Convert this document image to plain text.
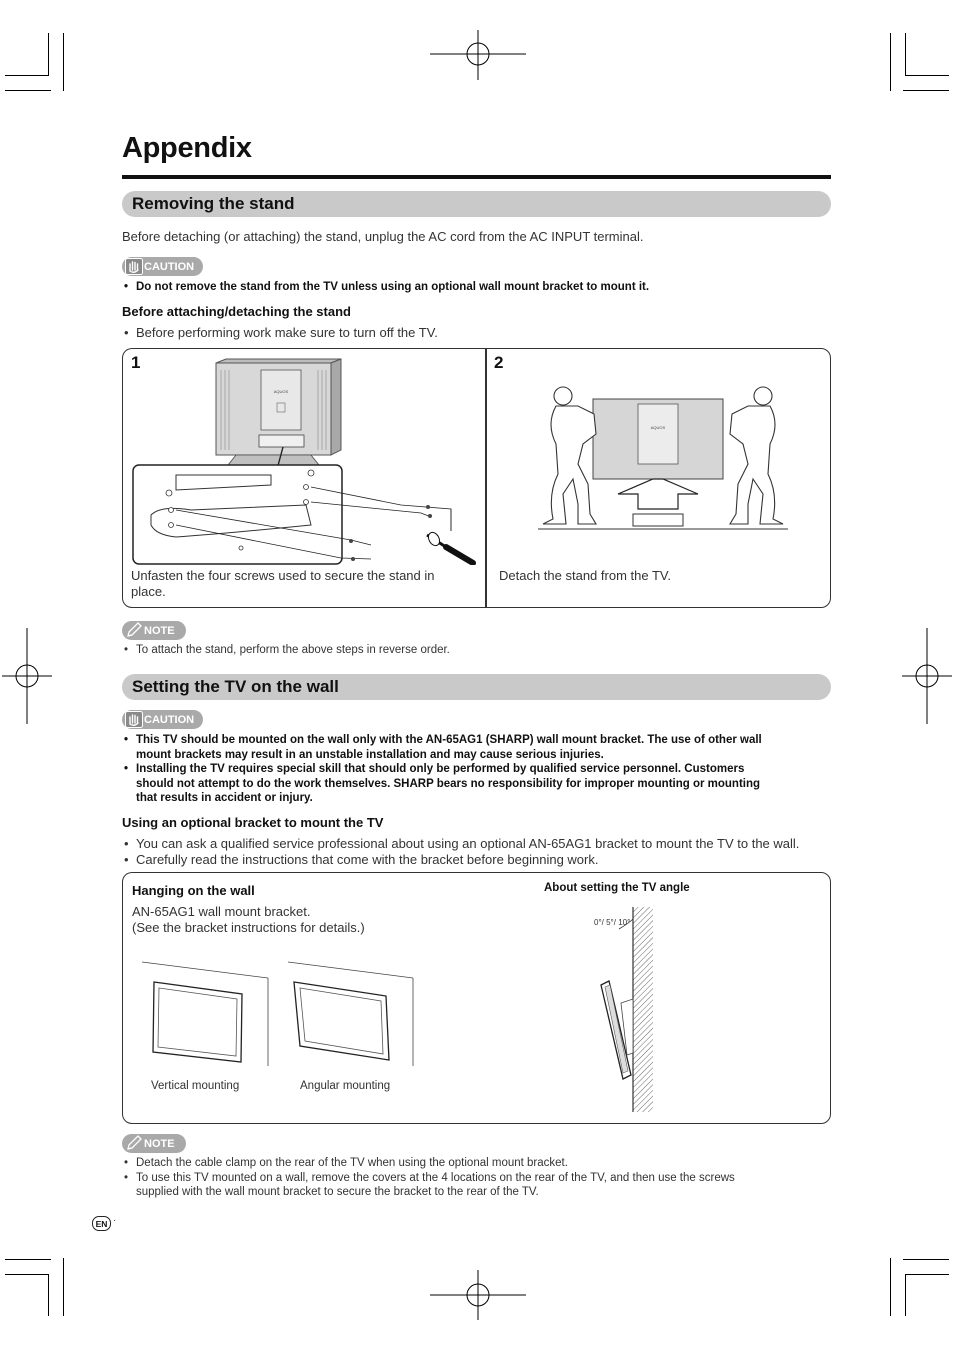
Appendix
Removing the stand
Before detaching (or attaching) the stand, unplug the AC cord from the AC INPUT terminal.
CAUTION
• Do not remove the stand from the TV unless using an optional wall mount bracket to mount it.
Before attaching/detaching the stand
• Before performing work make sure to turn off the TV.
1	2
AQUOS
AQUOS
Unfasten the four screws used to secure the stand in
place.
Detach the stand from the TV.
NOTE
• To attach the stand, perform the above steps in reverse order.
Setting the TV on the wall
CAUTION
• This TV should be mounted on the wall only with the AN-65AG1 (SHARP) wall mount bracket. The use of other wall
mount brackets may result in an unstable installation and may cause serious injuries.
• Installing the TV requires special skill that should only be performed by qualified service personnel. Customers
should not attempt to do the work themselves. SHARP bears no responsibility for improper mounting or mounting
that results in accident or injury.
Using an optional bracket to mount the TV
• You can ask a qualified service professional about using an optional AN-65AG1 bracket to mount the TV to the wall.
• Carefully read the instructions that come with the bracket before beginning work.
Hanging on the wall
AN-65AG1 wall mount bracket.
(See the bracket instructions for details.)
Vertical mounting	Angular mounting
About setting the TV angle
0°/ 5°/ 10°
NOTE
• Detach the cable clamp on the rear of the TV when using the optional mount bracket.
• To use this TV mounted on a wall, remove the covers at the 4 locations on the rear of the TV, and then use the screws
supplied with the wall mount bracket to secure the bracket to the rear of the TV.
EN ·
